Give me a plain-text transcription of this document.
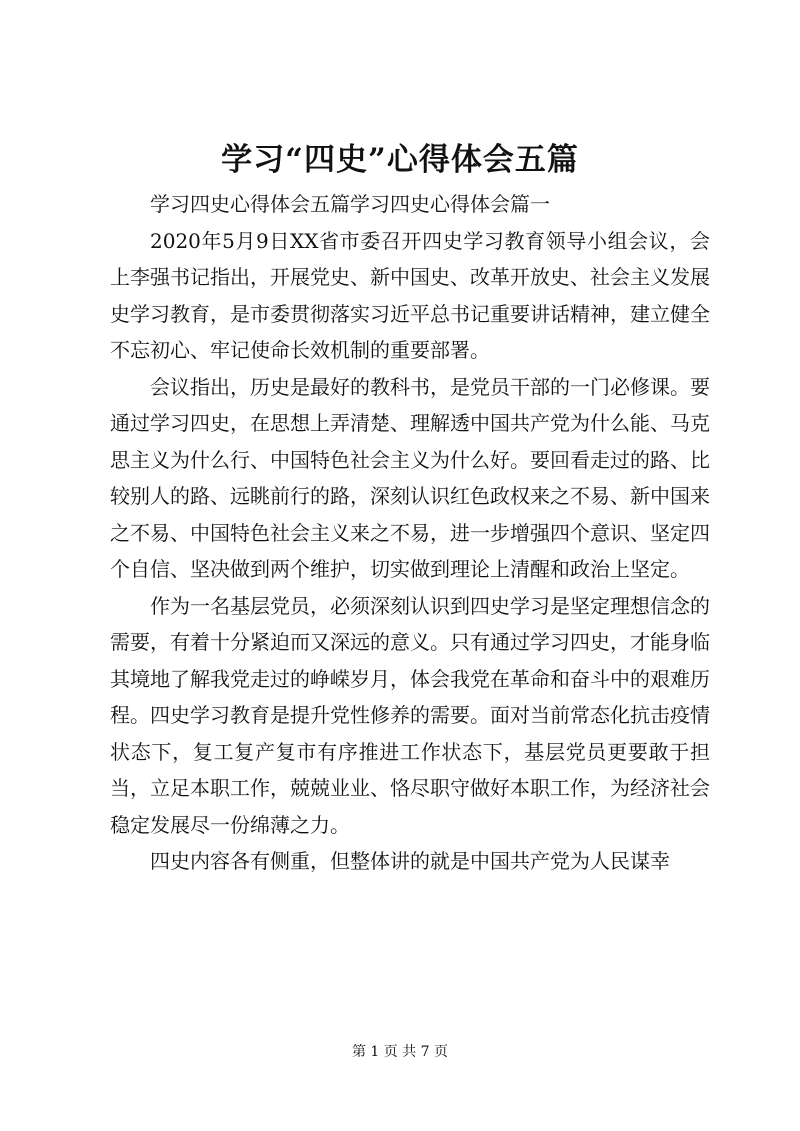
学习“四史”心得体会五篇

学习四史心得体会五篇学习四史心得体会篇一

2020年5月9日XX省市委召开四史学习教育领导小组会议，会上李强书记指出，开展党史、新中国史、改革开放史、社会主义发展史学习教育，是市委贯彻落实习近平总书记重要讲话精神，建立健全不忘初心、牢记使命长效机制的重要部署。

会议指出，历史是最好的教科书，是党员干部的一门必修课。要通过学习四史，在思想上弄清楚、理解透中国共产党为什么能、马克思主义为什么行、中国特色社会主义为什么好。要回看走过的路、比较别人的路、远眺前行的路，深刻认识红色政权来之不易、新中国来之不易、中国特色社会主义来之不易，进一步增强四个意识、坚定四个自信、坚决做到两个维护，切实做到理论上清醒和政治上坚定。

作为一名基层党员，必须深刻认识到四史学习是坚定理想信念的需要，有着十分紧迫而又深远的意义。只有通过学习四史，才能身临其境地了解我党走过的峥嵘岁月，体会我党在革命和奋斗中的艰难历程。四史学习教育是提升党性修养的需要。面对当前常态化抗击疫情状态下，复工复产复市有序推进工作状态下，基层党员更要敢于担当，立足本职工作，兢兢业业、恪尽职守做好本职工作，为经济社会稳定发展尽一份绵薄之力。

四史内容各有侧重，但整体讲的就是中国共产党为人民谋幸

第 1 页 共 7 页
